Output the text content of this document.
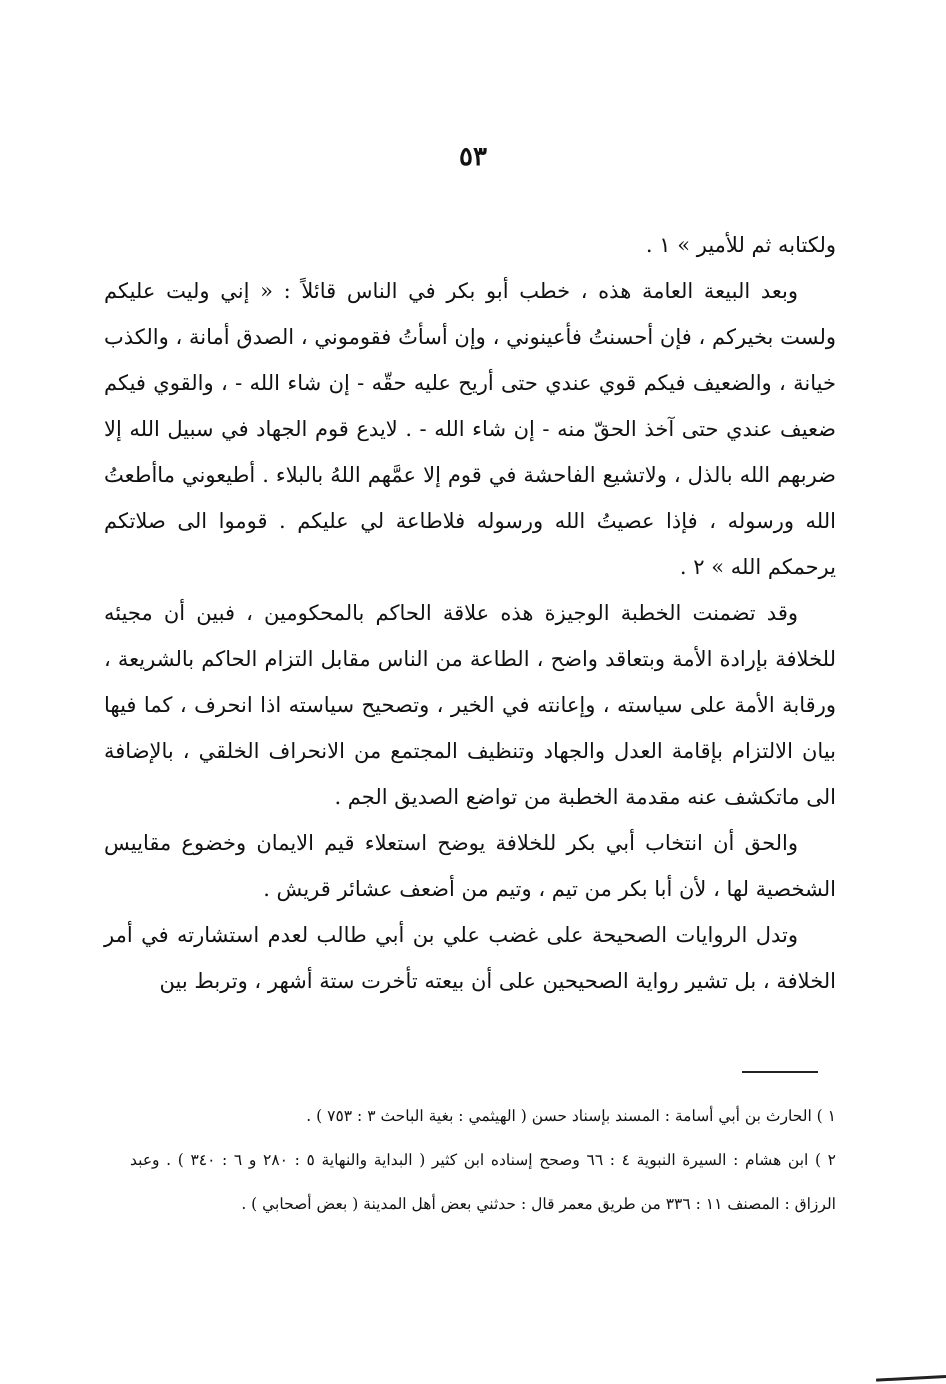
٥٣

ولكتابه ثم للأمير » ١ .

وبعد البيعة العامة هذه ، خطب أبو بكر في الناس قائلاً : « إني وليت عليكم ولست بخيركم ، فإن أحسنتُ فأعينوني ، وإن أسأتُ فقوموني ، الصدق أمانة ، والكذب خيانة ، والضعيف فيكم قوي عندي حتى أريح عليه حقّه - إن شاء الله - ، والقوي فيكم ضعيف عندي حتى آخذ الحقّ منه - إن شاء الله - . لايدع قوم الجهاد في سبيل الله إلا ضربهم الله بالذل ، ولاتشيع الفاحشة في قوم إلا عمَّهم اللهُ بالبلاء . أطيعوني ماأطعتُ الله ورسوله ، فإذا عصيتُ الله ورسوله فلاطاعة لي عليكم . قوموا الى صلاتكم يرحمكم الله » ٢ .

وقد تضمنت الخطبة الوجيزة هذه علاقة الحاكم بالمحكومين ، فبين أن مجيئه للخلافة بإرادة الأمة وبتعاقد واضح ، الطاعة من الناس مقابل التزام الحاكم بالشريعة ، ورقابة الأمة على سياسته ، وإعانته في الخير ، وتصحيح سياسته اذا انحرف ، كما فيها بيان الالتزام بإقامة العدل والجهاد وتنظيف المجتمع من الانحراف الخلقي ، بالإضافة الى ماتكشف عنه مقدمة الخطبة من تواضع الصديق الجم .

والحق أن انتخاب أبي بكر للخلافة يوضح استعلاء قيم الايمان وخضوع مقاييس الشخصية لها ، لأن أبا بكر من تيم ، وتيم من أضعف عشائر قريش .

وتدل الروايات الصحيحة على غضب علي بن أبي طالب لعدم استشارته في أمر الخلافة ، بل تشير رواية الصحيحين على أن بيعته تأخرت ستة أشهر ، وتربط بين

١ ) الحارث بن أبي أسامة : المسند بإسناد حسن ( الهيثمي : بغية الباحث ٣ : ٧٥٣ ) .

٢ ) ابن هشام : السيرة النبوية ٤ : ٦٦ وصحح إسناده ابن كثير ( البداية والنهاية ٥ : ٢٨٠ و ٦ : ٣٤٠ ) . وعبد الرزاق : المصنف ١١ : ٣٣٦ من طريق معمر قال : حدثني بعض أهل المدينة ( بعض أصحابي ) .
